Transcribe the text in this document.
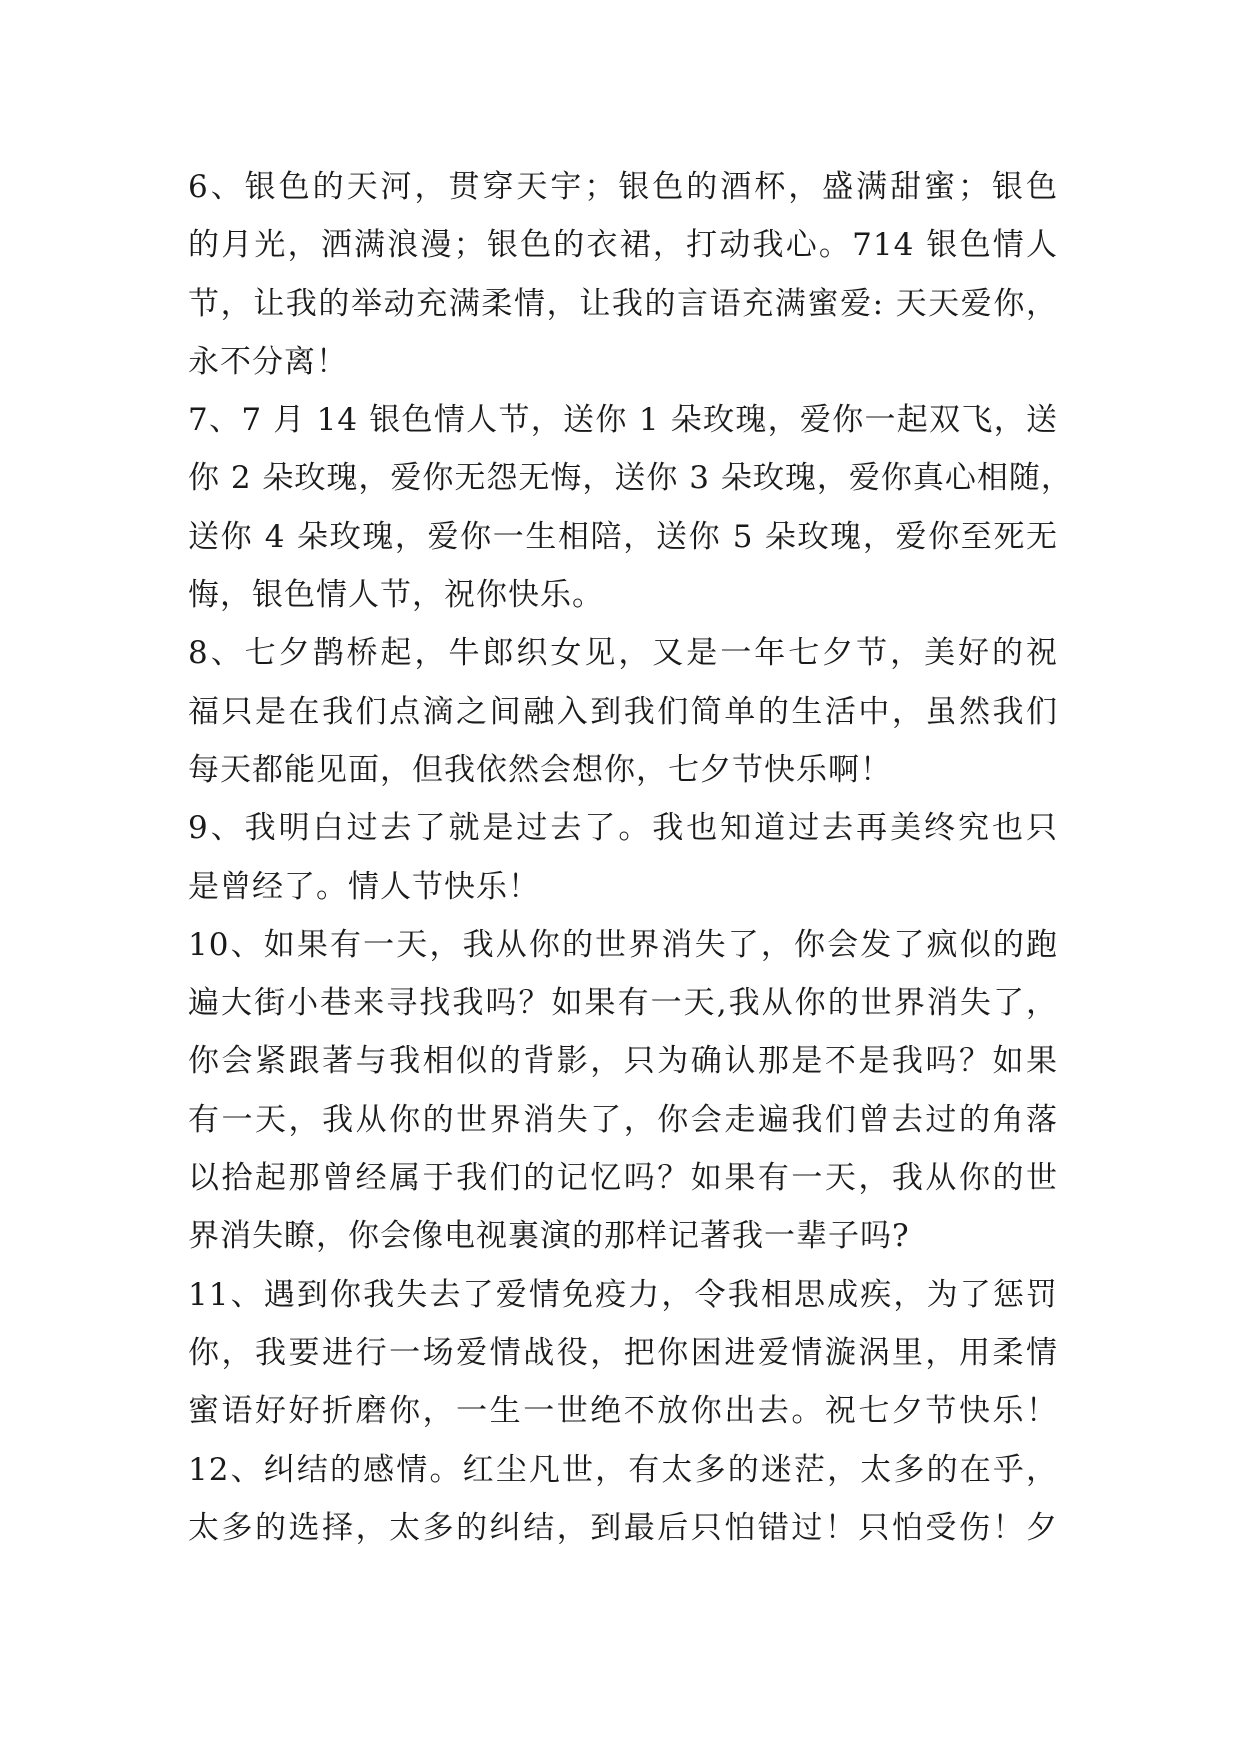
6、银色的天河，贯穿天宇；银色的酒杯，盛满甜蜜；银色
的月光，洒满浪漫；银色的衣裙，打动我心。714 银色情人
节，让我的举动充满柔情，让我的言语充满蜜爱: 天天爱你，
永不分离！
7、7 月 14 银色情人节，送你 1 朵玫瑰，爱你一起双飞，送
你 2 朵玫瑰，爱你无怨无悔，送你 3 朵玫瑰，爱你真心相随，
送你 4 朵玫瑰，爱你一生相陪，送你 5 朵玫瑰，爱你至死无
悔，银色情人节，祝你快乐。
8、七夕鹊桥起，牛郎织女见，又是一年七夕节，美好的祝
福只是在我们点滴之间融入到我们简单的生活中，虽然我们
每天都能见面，但我依然会想你，七夕节快乐啊！
9、我明白过去了就是过去了。我也知道过去再美终究也只
是曾经了。情人节快乐！
10、如果有一天，我从你的世界消失了，你会发了疯似的跑
遍大街小巷来寻找我吗？如果有一天,我从你的世界消失了，
你会紧跟著与我相似的背影，只为确认那是不是我吗？如果
有一天，我从你的世界消失了，你会走遍我们曾去过的角落
以拾起那曾经属于我们的记忆吗？如果有一天，我从你的世
界消失瞭，你会像电视裏演的那样记著我一辈子吗?
11、遇到你我失去了爱情免疫力，令我相思成疾，为了惩罚
你，我要进行一场爱情战役，把你困进爱情漩涡里，用柔情
蜜语好好折磨你，一生一世绝不放你出去。祝七夕节快乐！
12、纠结的感情。红尘凡世，有太多的迷茫，太多的在乎，
太多的选择，太多的纠结，到最后只怕错过！只怕受伤！夕
